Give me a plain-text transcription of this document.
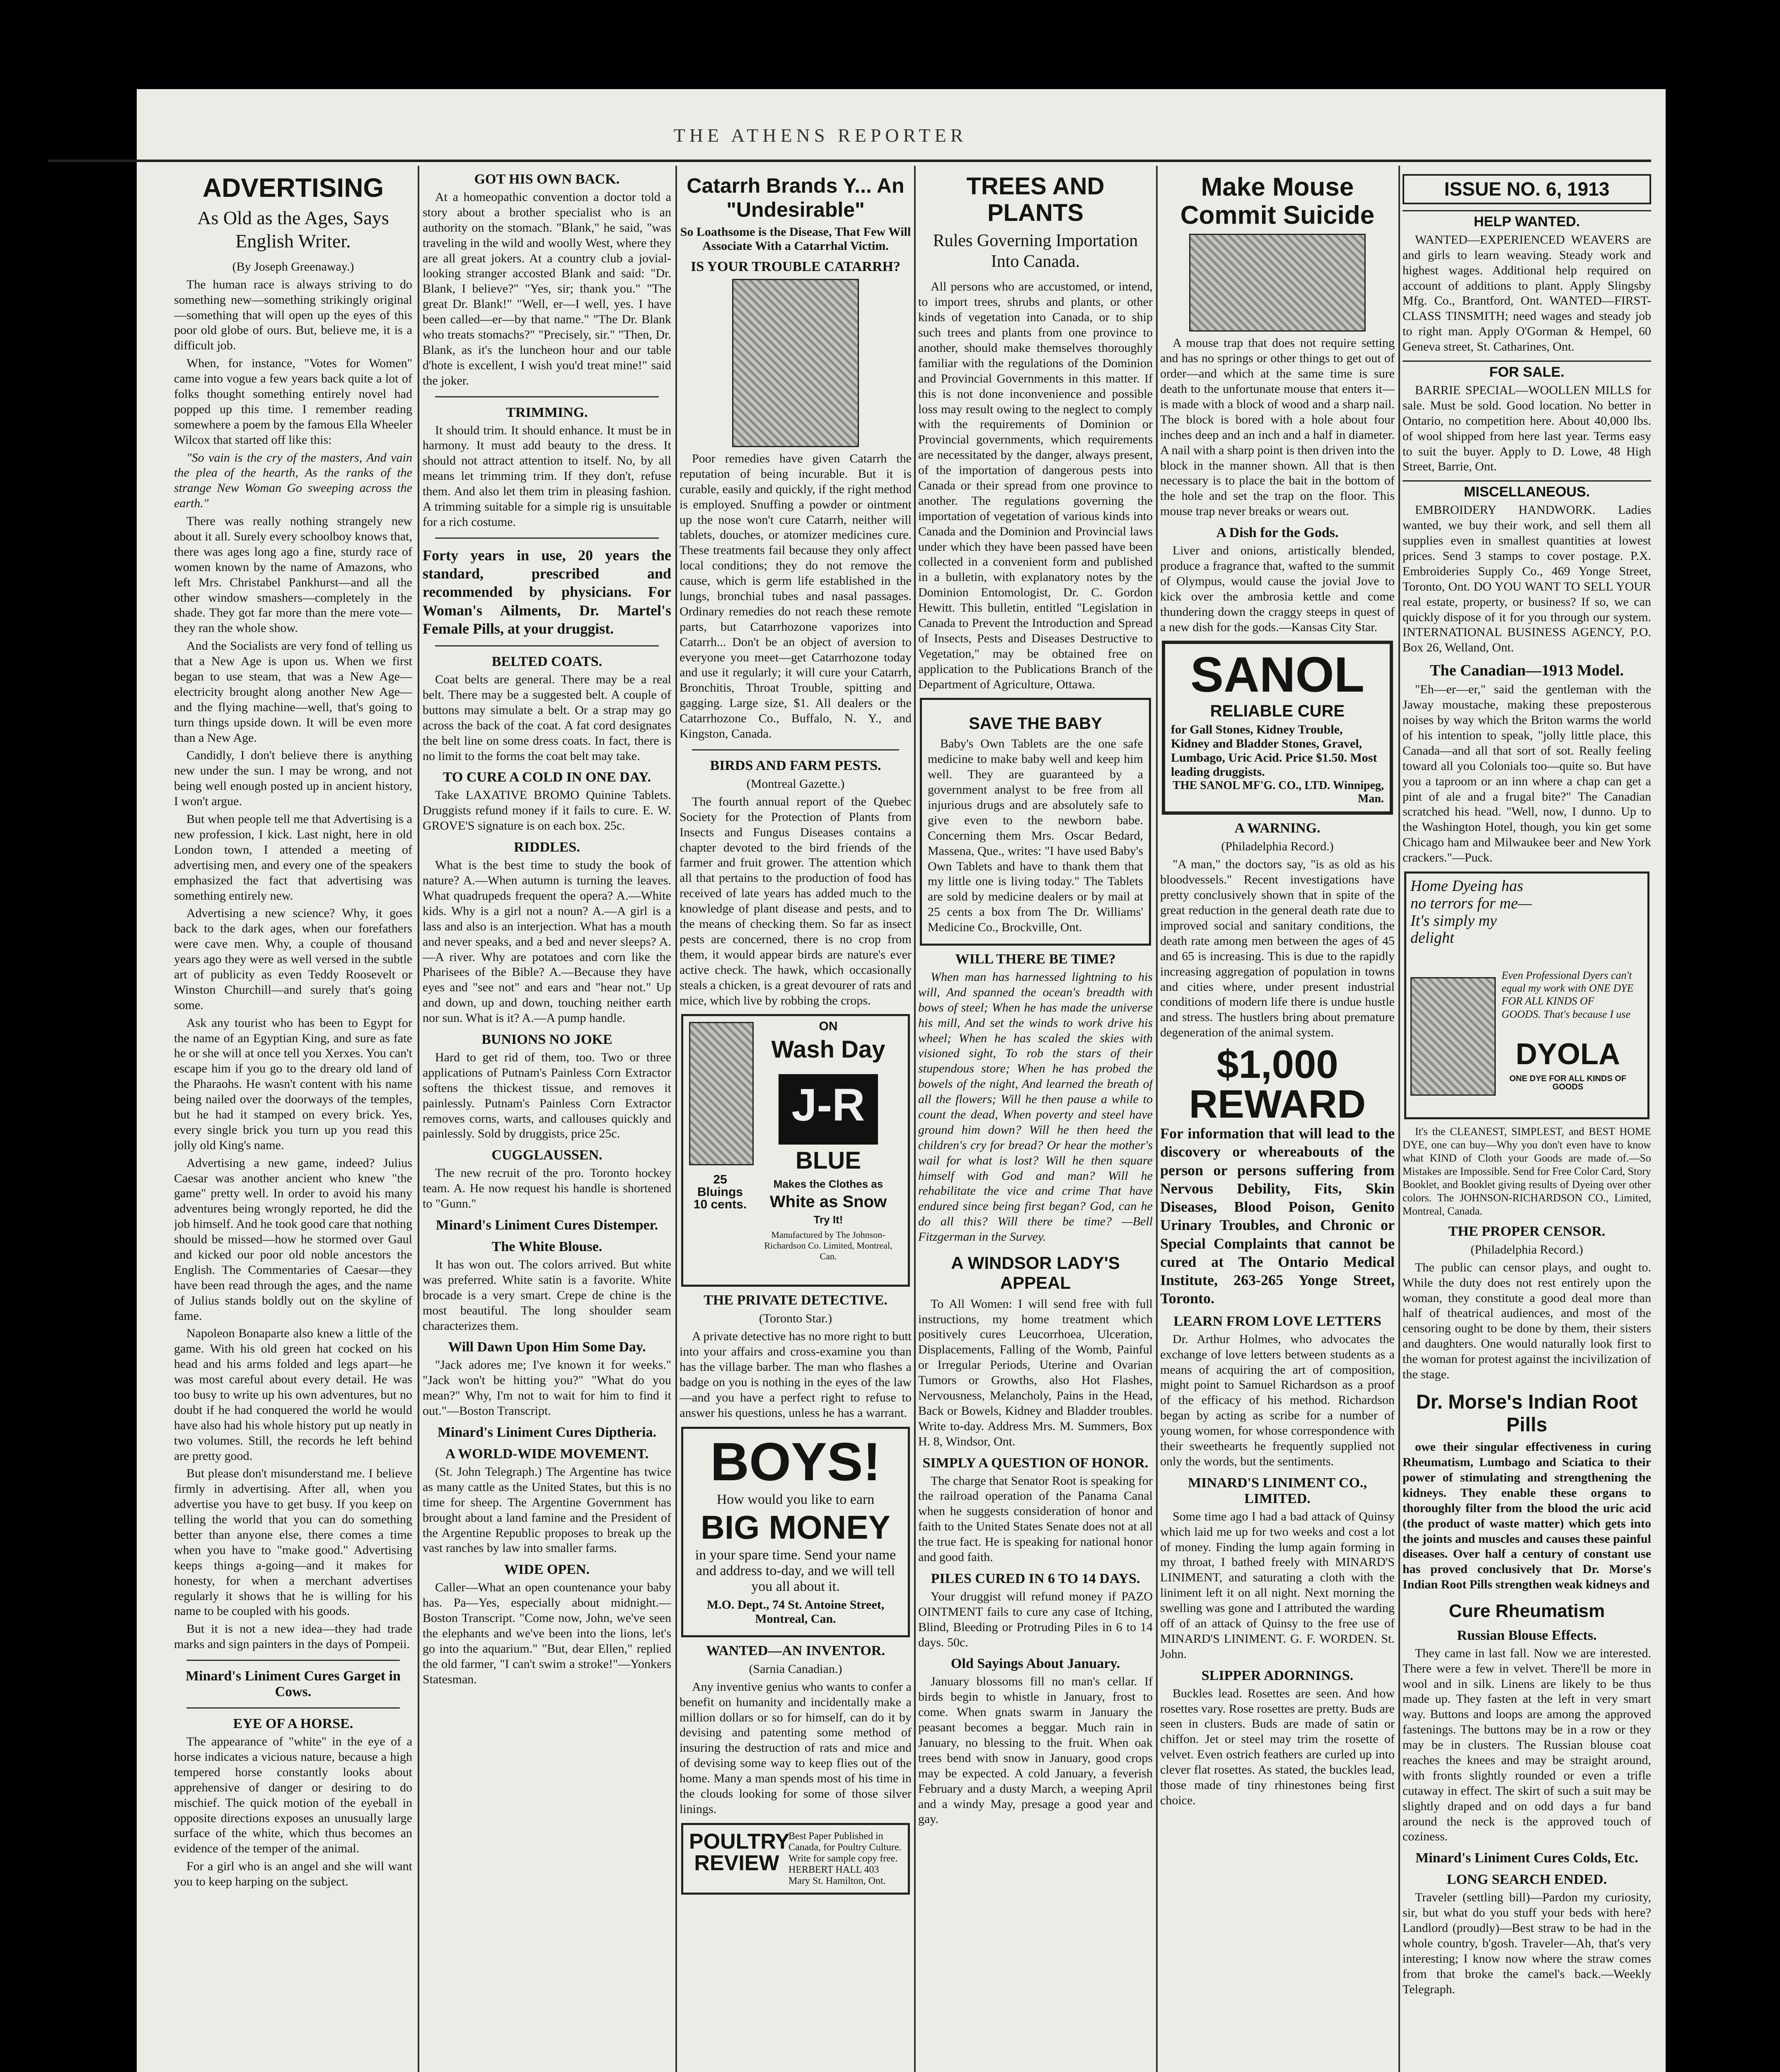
THE ATHENS REPORTER
ADVERTISING
As Old as the Ages, Says English Writer.
(By Joseph Greenaway.)

The human race is always striving to do something new—something strikingly original—something that will open up the eyes of this poor old globe of ours. But, believe me, it is a difficult job.

When, for instance, "Votes for Women" came into vogue a few years back quite a lot of folks thought something entirely novel had popped up this time. I remember reading somewhere a poem by the famous Ella Wheeler Wilcox that started off like this:

"So vain is the cry of the masters, And vain the plea of the hearth, As the ranks of the strange New Woman Go sweeping across the earth."

There was really nothing strangely new about it all. Surely every schoolboy knows that, there was ages long ago a fine, sturdy race of women known by the name of Amazons, who left Mrs. Christabel Pankhurst—and all the other window smashers—completely in the shade. They got far more than the mere vote—they ran the whole show.

And the Socialists are very fond of telling us that a New Age is upon us. When we first began to use steam, that was a New Age—electricity brought along another New Age—and the flying machine—well, that's going to turn things upside down. It will be even more than a New Age.

Candidly, I don't believe there is anything new under the sun. I may be wrong, and not being well enough posted up in ancient history, I won't argue.

But when people tell me that Advertising is a new profession, I kick. Last night, here in old London town, I attended a meeting of advertising men, and every one of the speakers emphasized the fact that advertising was something entirely new.

Advertising a new science? Why, it goes back to the dark ages, when our forefathers were cave men. Why, a couple of thousand years ago they were as well versed in the subtle art of publicity as even Teddy Roosevelt or Winston Churchill—and surely that's going some.

Ask any tourist who has been to Egypt for the name of an Egyptian King, and sure as fate he or she will at once tell you Xerxes. You can't escape him if you go to the dreary old land of the Pharaohs. He wasn't content with his name being nailed over the doorways of the temples, but he had it stamped on every brick. Yes, every single brick you turn up you read this jolly old King's name.

Advertising a new game, indeed? Julius Caesar was another ancient who knew "the game" pretty well. In order to avoid his many adventures being wrongly reported, he did the job himself. And he took good care that nothing should be missed—how he stormed over Gaul and kicked our poor old noble ancestors the English. The Commentaries of Caesar—they have been read through the ages, and the name of Julius stands boldly out on the skyline of fame.

Napoleon Bonaparte also knew a little of the game. With his old green hat cocked on his head and his arms folded and legs apart—he was most careful about every detail. He was too busy to write up his own adventures, but no doubt if he had conquered the world he would have also had his whole history put up neatly in two volumes. Still, the records he left behind are pretty good.

But please don't misunderstand me. I believe firmly in advertising. After all, when you advertise you have to get busy. If you keep on telling the world that you can do something better than anyone else, there comes a time when you have to "make good." Advertising keeps things a-going—and it makes for honesty, for when a merchant advertises regularly it shows that he is willing for his name to be coupled with his goods.

But it is not a new idea—they had trade marks and sign painters in the days of Pompeii.

Minard's Liniment Cures Garget in Cows.
EYE OF A HORSE.

The appearance of "white" in the eye of a horse indicates a vicious nature, because a high tempered horse constantly looks about apprehensive of danger or desiring to do mischief. The quick motion of the eyeball in opposite directions exposes an unusually large surface of the white, which thus becomes an evidence of the temper of the animal.

For a girl who is an angel and she will want you to keep harping on the subject.

GOT HIS OWN BACK.

At a homeopathic convention a doctor told a story about a brother specialist who is an authority on the stomach. "Blank," he said, "was traveling in the wild and woolly West, where they are all great jokers. At a country club a jovial-looking stranger accosted Blank and said: "Dr. Blank, I believe?" "Yes, sir; thank you." "The great Dr. Blank!" "Well, er—I well, yes. I have been called—er—by that name." "The Dr. Blank who treats stomachs?" "Precisely, sir." "Then, Dr. Blank, as it's the luncheon hour and our table d'hote is excellent, I wish you'd treat mine!" said the joker.

TRIMMING.

It should trim. It should enhance. It must be in harmony. It must add beauty to the dress. It should not attract attention to itself. No, by all means let trimming trim. If they don't, refuse them. And also let them trim in pleasing fashion. A trimming suitable for a simple rig is unsuitable for a rich costume.

Forty years in use, 20 years the standard, prescribed and recommended by physicians. For Woman's Ailments, Dr. Martel's Female Pills, at your druggist.

BELTED COATS.

Coat belts are general. There may be a real belt. There may be a suggested belt. A couple of buttons may simulate a belt. Or a strap may go across the back of the coat. A fat cord designates the belt line on some dress coats. In fact, there is no limit to the forms the coat belt may take.

TO CURE A COLD IN ONE DAY.

Take LAXATIVE BROMO Quinine Tablets. Druggists refund money if it fails to cure. E. W. GROVE'S signature is on each box. 25c.

RIDDLES.

What is the best time to study the book of nature? A.—When autumn is turning the leaves. What quadrupeds frequent the opera? A.—White kids. Why is a girl not a noun? A.—A girl is a lass and also is an interjection. What has a mouth and never speaks, and a bed and never sleeps? A.—A river. Why are potatoes and corn like the Pharisees of the Bible? A.—Because they have eyes and "see not" and ears and "hear not." Up and down, up and down, touching neither earth nor sun. What is it? A.—A pump handle.

BUNIONS NO JOKE

Hard to get rid of them, too. Two or three applications of Putnam's Painless Corn Extractor softens the thickest tissue, and removes it painlessly. Putnam's Painless Corn Extractor removes corns, warts, and callouses quickly and painlessly. Sold by druggists, price 25c.

CUGGLAUSSEN.

The new recruit of the pro. Toronto hockey team. A. He now request his handle is shortened to "Gunn."

Minard's Liniment Cures Distemper.
The White Blouse.

It has won out. The colors arrived. But white was preferred. White satin is a favorite. White brocade is a very smart. Crepe de chine is the most beautiful. The long shoulder seam characterizes them.

Will Dawn Upon Him Some Day.

"Jack adores me; I've known it for weeks." "Jack won't be hitting you?" "What do you mean?" Why, I'm not to wait for him to find it out."—Boston Transcript.

Minard's Liniment Cures Diptheria.
A WORLD-WIDE MOVEMENT.

(St. John Telegraph.) The Argentine has twice as many cattle as the United States, but this is no time for sheep. The Argentine Government has brought about a land famine and the President of the Argentine Republic proposes to break up the vast ranches by law into smaller farms.

WIDE OPEN.

Caller—What an open countenance your baby has. Pa—Yes, especially about midnight.—Boston Transcript. "Come now, John, we've seen the elephants and we've been into the lions, let's go into the aquarium." "But, dear Ellen," replied the old farmer, "I can't swim a stroke!"—Yonkers Statesman.

Catarrh Brands Y... An "Undesirable"
So Loathsome is the Disease, That Few Will Associate With a Catarrhal Victim.
IS YOUR TROUBLE CATARRH?

Poor remedies have given Catarrh the reputation of being incurable. But it is curable, easily and quickly, if the right method is employed. Snuffing a powder or ointment up the nose won't cure Catarrh, neither will tablets, douches, or atomizer medicines cure. These treatments fail because they only affect local conditions; they do not remove the cause, which is germ life established in the lungs, bronchial tubes and nasal passages. Ordinary remedies do not reach these remote parts, but Catarrhozone vaporizes into Catarrh... Don't be an object of aversion to everyone you meet—get Catarrhozone today and use it regularly; it will cure your Catarrh, Bronchitis, Throat Trouble, spitting and gagging. Large size, $1. All dealers or the Catarrhozone Co., Buffalo, N. Y., and Kingston, Canada.

BIRDS AND FARM PESTS.
(Montreal Gazette.)

The fourth annual report of the Quebec Society for the Protection of Plants from Insects and Fungus Diseases contains a chapter devoted to the bird friends of the farmer and fruit grower. The attention which all that pertains to the production of food has received of late years has added much to the knowledge of plant disease and pests, and to the means of checking them. So far as insect pests are concerned, there is no crop from them, it would appear birds are nature's ever active check. The hawk, which occasionally steals a chicken, is a great devourer of rats and mice, which live by robbing the crops.

ON
Wash Day
J-R
BLUE
25 Bluings 10 cents.
Makes the Clothes as
White as Snow
Try It!
Manufactured by The Johnson-Richardson Co. Limited, Montreal, Can.
THE PRIVATE DETECTIVE.
(Toronto Star.)

A private detective has no more right to butt into your affairs and cross-examine you than has the village barber. The man who flashes a badge on you is nothing in the eyes of the law—and you have a perfect right to refuse to answer his questions, unless he has a warrant.

BOYS!
How would you like to earn
BIG MONEY
in your spare time. Send your name and address to-day, and we will tell you all about it.
M.O. Dept., 74 St. Antoine Street, Montreal, Can.
WANTED—AN INVENTOR.
(Sarnia Canadian.)

Any inventive genius who wants to confer a benefit on humanity and incidentally make a million dollars or so for himself, can do it by devising and patenting some method of insuring the destruction of rats and mice and of devising some way to keep flies out of the home. Many a man spends most of his time in the clouds looking for some of those silver linings.

POULTRY REVIEW
Best Paper Published in Canada, for Poultry Culture. Write for sample copy free. HERBERT HALL 403 Mary St. Hamilton, Ont.
TREES AND PLANTS
Rules Governing Importation Into Canada.

All persons who are accustomed, or intend, to import trees, shrubs and plants, or other kinds of vegetation into Canada, or to ship such trees and plants from one province to another, should make themselves thoroughly familiar with the regulations of the Dominion and Provincial Governments in this matter. If this is not done inconvenience and possible loss may result owing to the neglect to comply with the requirements of Dominion or Provincial governments, which requirements are necessitated by the danger, always present, of the importation of dangerous pests into Canada or their spread from one province to another. The regulations governing the importation of vegetation of various kinds into Canada and the Dominion and Provincial laws under which they have been passed have been collected in a convenient form and published in a bulletin, with explanatory notes by the Dominion Entomologist, Dr. C. Gordon Hewitt. This bulletin, entitled "Legislation in Canada to Prevent the Introduction and Spread of Insects, Pests and Diseases Destructive to Vegetation," may be obtained free on application to the Publications Branch of the Department of Agriculture, Ottawa.

SAVE THE BABY

Baby's Own Tablets are the one safe medicine to make baby well and keep him well. They are guaranteed by a government analyst to be free from all injurious drugs and are absolutely safe to give even to the newborn babe. Concerning them Mrs. Oscar Bedard, Massena, Que., writes: "I have used Baby's Own Tablets and have to thank them that my little one is living today." The Tablets are sold by medicine dealers or by mail at 25 cents a box from The Dr. Williams' Medicine Co., Brockville, Ont.

WILL THERE BE TIME?

When man has harnessed lightning to his will, And spanned the ocean's breadth with bows of steel; When he has made the universe his mill, And set the winds to work drive his wheel; When he has scaled the skies with visioned sight, To rob the stars of their stupendous store; When he has probed the bowels of the night, And learned the breath of all the flowers; Will he then pause a while to count the dead, When poverty and steel have ground him down? Will he then heed the children's cry for bread? Or hear the mother's wail for what is lost? Will he then square himself with God and man? Will he rehabilitate the vice and crime That have endured since being first began? God, can he do all this? Will there be time? —Bell Fitzgerman in the Survey.

A WINDSOR LADY'S APPEAL

To All Women: I will send free with full instructions, my home treatment which positively cures Leucorrhoea, Ulceration, Displacements, Falling of the Womb, Painful or Irregular Periods, Uterine and Ovarian Tumors or Growths, also Hot Flashes, Nervousness, Melancholy, Pains in the Head, Back or Bowels, Kidney and Bladder troubles. Write to-day. Address Mrs. M. Summers, Box H. 8, Windsor, Ont.

SIMPLY A QUESTION OF HONOR.

The charge that Senator Root is speaking for the railroad operation of the Panama Canal when he suggests consideration of honor and faith to the United States Senate does not at all the true fact. He is speaking for national honor and good faith.

PILES CURED IN 6 TO 14 DAYS.

Your druggist will refund money if PAZO OINTMENT fails to cure any case of Itching, Blind, Bleeding or Protruding Piles in 6 to 14 days. 50c.

Old Sayings About January.

January blossoms fill no man's cellar. If birds begin to whistle in January, frost to come. When gnats swarm in January the peasant becomes a beggar. Much rain in January, no blessing to the fruit. When oak trees bend with snow in January, good crops may be expected. A cold January, a feverish February and a dusty March, a weeping April and a windy May, presage a good year and gay.

Make Mouse Commit Suicide

A mouse trap that does not require setting and has no springs or other things to get out of order—and which at the same time is sure death to the unfortunate mouse that enters it—is made with a block of wood and a sharp nail. The block is bored with a hole about four inches deep and an inch and a half in diameter. A nail with a sharp point is then driven into the block in the manner shown. All that is then necessary is to place the bait in the bottom of the hole and set the trap on the floor. This mouse trap never breaks or wears out.

A Dish for the Gods.

Liver and onions, artistically blended, produce a fragrance that, wafted to the summit of Olympus, would cause the jovial Jove to kick over the ambrosia kettle and come thundering down the craggy steeps in quest of a new dish for the gods.—Kansas City Star.

SANOL
RELIABLE CURE
for Gall Stones, Kidney Trouble, Kidney and Bladder Stones, Gravel, Lumbago, Uric Acid. Price $1.50. Most leading druggists.
THE SANOL MF'G. CO., LTD. Winnipeg, Man.
A WARNING.
(Philadelphia Record.)

"A man," the doctors say, "is as old as his bloodvessels." Recent investigations have pretty conclusively shown that in spite of the great reduction in the general death rate due to improved social and sanitary conditions, the death rate among men between the ages of 45 and 65 is increasing. This is due to the rapidly increasing aggregation of population in towns and cities where, under present industrial conditions of modern life there is undue hustle and stress. The hustlers bring about premature degeneration of the animal system.

$1,000
REWARD

For information that will lead to the discovery or whereabouts of the person or persons suffering from Nervous Debility, Fits, Skin Diseases, Blood Poison, Genito Urinary Troubles, and Chronic or Special Complaints that cannot be cured at The Ontario Medical Institute, 263-265 Yonge Street, Toronto.

LEARN FROM LOVE LETTERS

Dr. Arthur Holmes, who advocates the exchange of love letters between students as a means of acquiring the art of composition, might point to Samuel Richardson as a proof of the efficacy of his method. Richardson began by acting as scribe for a number of young women, for whose correspondence with their sweethearts he frequently supplied not only the words, but the sentiments.

MINARD'S LINIMENT CO., LIMITED.

Some time ago I had a bad attack of Quinsy which laid me up for two weeks and cost a lot of money. Finding the lump again forming in my throat, I bathed freely with MINARD'S LINIMENT, and saturating a cloth with the liniment left it on all night. Next morning the swelling was gone and I attributed the warding off of an attack of Quinsy to the free use of MINARD'S LINIMENT. G. F. WORDEN. St. John.

SLIPPER ADORNINGS.

Buckles lead. Rosettes are seen. And how rosettes vary. Rose rosettes are pretty. Buds are seen in clusters. Buds are made of satin or chiffon. Jet or steel may trim the rosette of velvet. Even ostrich feathers are curled up into clever flat rosettes. As stated, the buckles lead, those made of tiny rhinestones being first choice.

ISSUE NO. 6, 1913
HELP WANTED.

WANTED—EXPERIENCED WEAVERS are and girls to learn weaving. Steady work and highest wages. Additional help required on account of additions to plant. Apply Slingsby Mfg. Co., Brantford, Ont. WANTED—FIRST-CLASS TINSMITH; need wages and steady job to right man. Apply O'Gorman & Hempel, 60 Geneva street, St. Catharines, Ont.

FOR SALE.

BARRIE SPECIAL—WOOLLEN MILLS for sale. Must be sold. Good location. No better in Ontario, no competition here. About 40,000 lbs. of wool shipped from here last year. Terms easy to suit the buyer. Apply to D. Lowe, 48 High Street, Barrie, Ont.

MISCELLANEOUS.

EMBROIDERY HANDWORK. Ladies wanted, we buy their work, and sell them all supplies even in smallest quantities at lowest prices. Send 3 stamps to cover postage. P.X. Embroideries Supply Co., 469 Yonge Street, Toronto, Ont. DO YOU WANT TO SELL YOUR real estate, property, or business? If so, we can quickly dispose of it for you through our system. INTERNATIONAL BUSINESS AGENCY, P.O. Box 26, Welland, Ont.

The Canadian—1913 Model.

"Eh—er—er," said the gentleman with the Jaway moustache, making these preposterous noises by way which the Briton warms the world of his intention to speak, "jolly little place, this Canada—and all that sort of sot. Really feeling toward all you Colonials too—quite so. But have you a taproom or an inn where a chap can get a pint of ale and a frugal bite?" The Canadian scratched his head. "Well, now, I dunno. Up to the Washington Hotel, though, you kin get some Chicago ham and Milwaukee beer and New York crackers."—Puck.

Home Dyeing has no terrors for me—It's simply my delight
Even Professional Dyers can't equal my work with ONE DYE FOR ALL KINDS OF GOODS. That's because I use
DYOLA
ONE DYE FOR ALL KINDS OF GOODS

It's the CLEANEST, SIMPLEST, and BEST HOME DYE, one can buy—Why you don't even have to know what KIND of Cloth your Goods are made of.—So Mistakes are Impossible. Send for Free Color Card, Story Booklet, and Booklet giving results of Dyeing over other colors. The JOHNSON-RICHARDSON CO., Limited, Montreal, Canada.

THE PROPER CENSOR.
(Philadelphia Record.)

The public can censor plays, and ought to. While the duty does not rest entirely upon the woman, they constitute a good deal more than half of theatrical audiences, and most of the censoring ought to be done by them, their sisters and daughters. One would naturally look first to the woman for protest against the incivilization of the stage.

Dr. Morse's Indian Root Pills

owe their singular effectiveness in curing Rheumatism, Lumbago and Sciatica to their power of stimulating and strengthening the kidneys. They enable these organs to thoroughly filter from the blood the uric acid (the product of waste matter) which gets into the joints and muscles and causes these painful diseases. Over half a century of constant use has proved conclusively that Dr. Morse's Indian Root Pills strengthen weak kidneys and

Cure Rheumatism
Russian Blouse Effects.

They came in last fall. Now we are interested. There were a few in velvet. There'll be more in wool and in silk. Linens are likely to be thus made up. They fasten at the left in very smart way. Buttons and loops are among the approved fastenings. The buttons may be in a row or they may be in clusters. The Russian blouse coat reaches the knees and may be straight around, with fronts slightly rounded or even a trifle cutaway in effect. The skirt of such a suit may be slightly draped and on odd days a fur band around the neck is the approved touch of coziness.

Minard's Liniment Cures Colds, Etc.
LONG SEARCH ENDED.

Traveler (settling bill)—Pardon my curiosity, sir, but what do you stuff your beds with here? Landlord (proudly)—Best straw to be had in the whole country, b'gosh. Traveler—Ah, that's very interesting; I know now where the straw comes from that broke the camel's back.—Weekly Telegraph.
